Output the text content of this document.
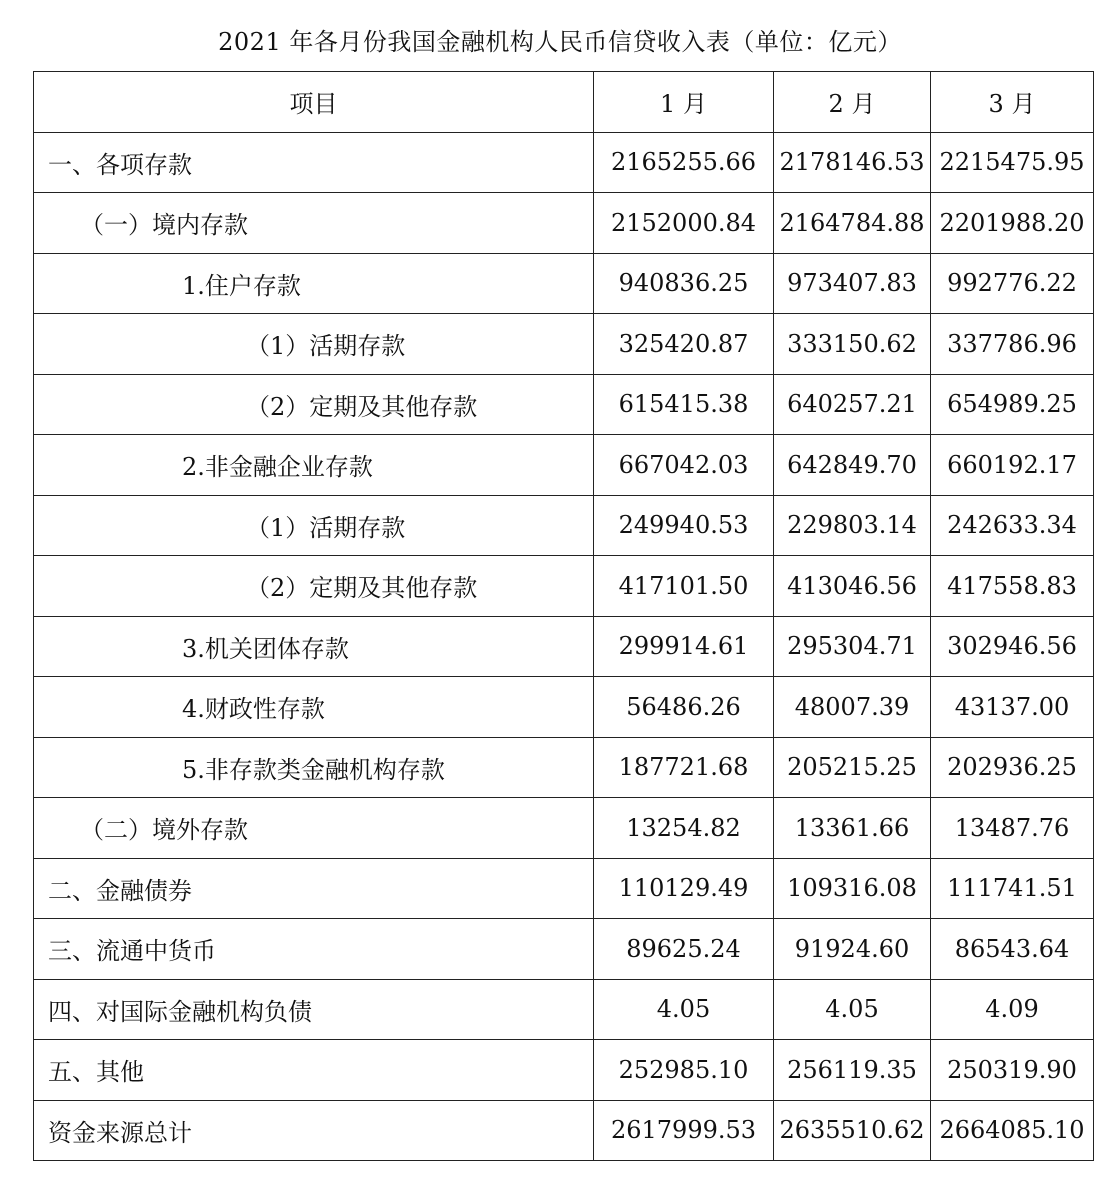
2021 年各月份我国金融机构人民币信贷收入表（单位：亿元）
项目	1 月	2 月	3 月
一、各项存款	2165255.66	2178146.53	2215475.95
（一）境内存款	2152000.84	2164784.88	2201988.20
1.住户存款	940836.25	973407.83	992776.22
（1）活期存款	325420.87	333150.62	337786.96
（2）定期及其他存款	615415.38	640257.21	654989.25
2.非金融企业存款	667042.03	642849.70	660192.17
（1）活期存款	249940.53	229803.14	242633.34
（2）定期及其他存款	417101.50	413046.56	417558.83
3.机关团体存款	299914.61	295304.71	302946.56
4.财政性存款	56486.26	48007.39	43137.00
5.非存款类金融机构存款	187721.68	205215.25	202936.25
（二）境外存款	13254.82	13361.66	13487.76
二、金融债券	110129.49	109316.08	111741.51
三、流通中货币	89625.24	91924.60	86543.64
四、对国际金融机构负债	4.05	4.05	4.09
五、其他	252985.10	256119.35	250319.90
资金来源总计	2617999.53	2635510.62	2664085.10
